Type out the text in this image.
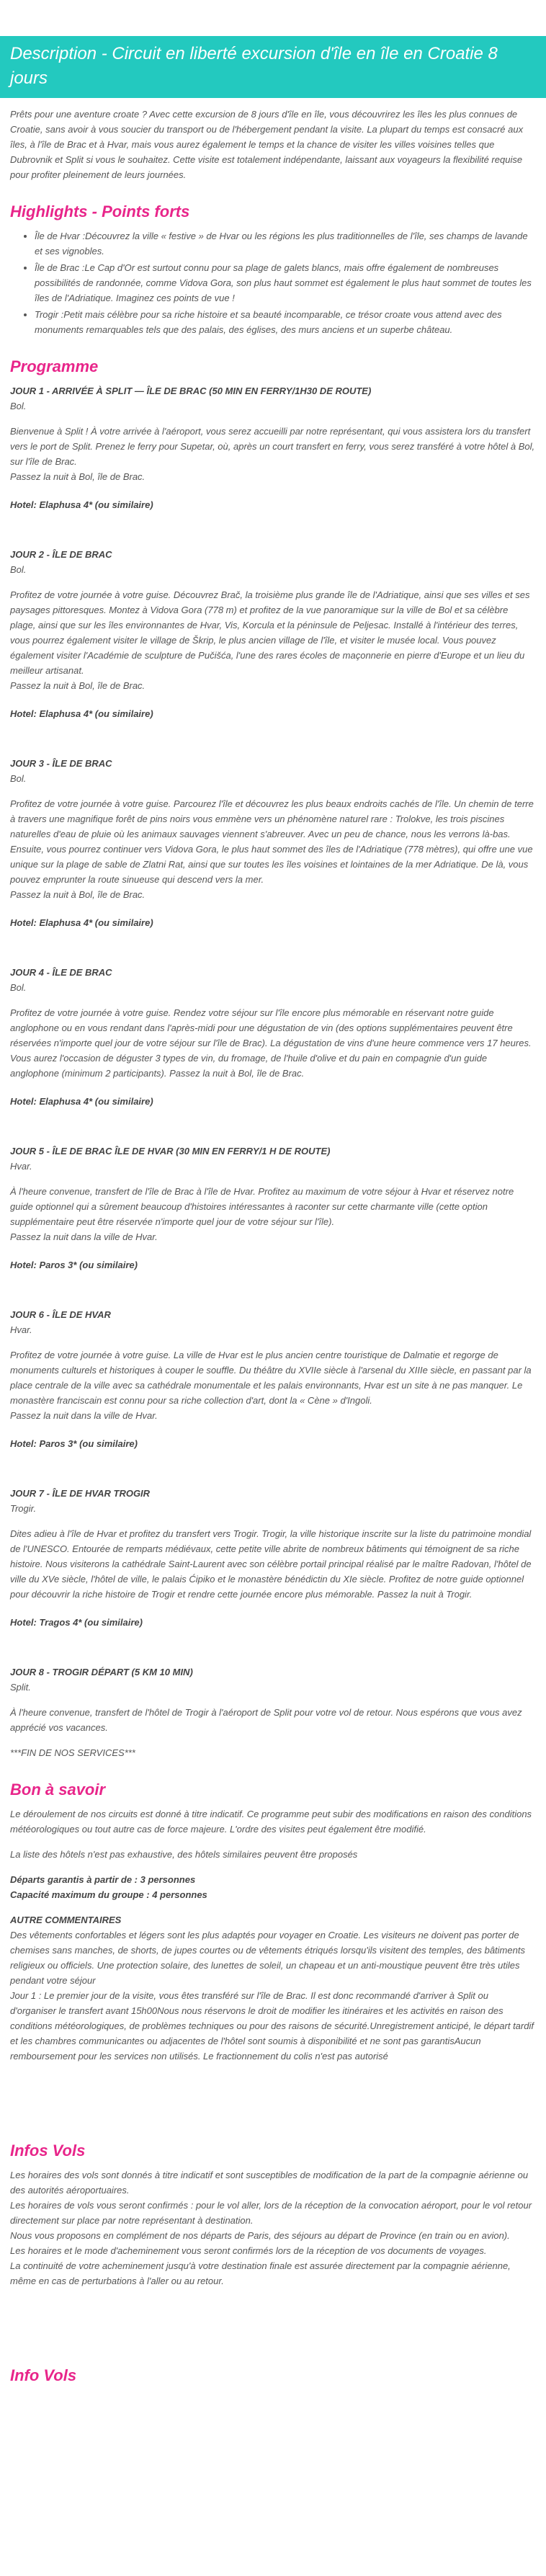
Description - Circuit en liberté excursion d'île en île en Croatie 8 jours

Prêts pour une aventure croate ? Avec cette excursion de 8 jours d'île en île, vous découvrirez les îles les plus connues de Croatie, sans avoir à vous soucier du transport ou de l'hébergement pendant la visite. La plupart du temps est consacré aux îles, à l'île de Brac et à Hvar, mais vous aurez également le temps et la chance de visiter les villes voisines telles que Dubrovnik et Split si vous le souhaitez. Cette visite est totalement indépendante, laissant aux voyageurs la flexibilité requise pour profiter pleinement de leurs journées.

Highlights - Points forts
• Île de Hvar :Découvrez la ville « festive » de Hvar ou les régions les plus traditionnelles de l'île, ses champs de lavande et ses vignobles.
• Île de Brac :Le Cap d'Or est surtout connu pour sa plage de galets blancs, mais offre également de nombreuses possibilités de randonnée, comme Vidova Gora, son plus haut sommet est également le plus haut sommet de toutes les îles de l'Adriatique. Imaginez ces points de vue !
• Trogir :Petit mais célèbre pour sa riche histoire et sa beauté incomparable, ce trésor croate vous attend avec des monuments remarquables tels que des palais, des églises, des murs anciens et un superbe château.
Programme
JOUR 1 - ARRIVÉE À SPLIT — ÎLE DE BRAC (50 MIN EN FERRY/1H30 DE ROUTE)
Bol.

Bienvenue à Split ! À votre arrivée à l'aéroport, vous serez accueilli par notre représentant, qui vous assistera lors du transfert vers le port de Split. Prenez le ferry pour Supetar, où, après un court transfert en ferry, vous serez transféré à votre hôtel à Bol, sur l'île de Brac.

Passez la nuit à Bol, île de Brac.
Hotel: Elaphusa 4* (ou similaire)
JOUR 2 - ÎLE DE BRAC
Bol.

Profitez de votre journée à votre guise. Découvrez Brač, la troisième plus grande île de l'Adriatique, ainsi que ses villes et ses paysages pittoresques. Montez à Vidova Gora (778 m) et profitez de la vue panoramique sur la ville de Bol et sa célèbre plage, ainsi que sur les îles environnantes de Hvar, Vis, Korcula et la péninsule de Peljesac. Installé à l'intérieur des terres, vous pourrez également visiter le village de Škrip, le plus ancien village de l'île, et visiter le musée local. Vous pouvez également visiter l'Académie de sculpture de Pučišća, l'une des rares écoles de maçonnerie en pierre d'Europe et un lieu du meilleur artisanat.

Passez la nuit à Bol, île de Brac.
Hotel: Elaphusa 4* (ou similaire)
JOUR 3 - ÎLE DE BRAC
Bol.

Profitez de votre journée à votre guise. Parcourez l'île et découvrez les plus beaux endroits cachés de l'île. Un chemin de terre à travers une magnifique forêt de pins noirs vous emmène vers un phénomène naturel rare : Trolokve, les trois piscines naturelles d'eau de pluie où les animaux sauvages viennent s'abreuver. Avec un peu de chance, nous les verrons là-bas. Ensuite, vous pourrez continuer vers Vidova Gora, le plus haut sommet des îles de l'Adriatique (778 mètres), qui offre une vue unique sur la plage de sable de Zlatni Rat, ainsi que sur toutes les îles voisines et lointaines de la mer Adriatique. De là, vous pouvez emprunter la route sinueuse qui descend vers la mer.

Passez la nuit à Bol, île de Brac.
Hotel: Elaphusa 4* (ou similaire)
JOUR 4 - ÎLE DE BRAC
Bol.

Profitez de votre journée à votre guise. Rendez votre séjour sur l'île encore plus mémorable en réservant notre guide anglophone ou en vous rendant dans l'après-midi pour une dégustation de vin (des options supplémentaires peuvent être réservées n'importe quel jour de votre séjour sur l'île de Brac). La dégustation de vins d'une heure commence vers 17 heures. Vous aurez l'occasion de déguster 3 types de vin, du fromage, de l'huile d'olive et du pain en compagnie d'un guide anglophone (minimum 2 participants). Passez la nuit à Bol, île de Brac.

Hotel: Elaphusa 4* (ou similaire)
JOUR 5 - ÎLE DE BRAC ÎLE DE HVAR (30 MIN EN FERRY/1 H DE ROUTE)
Hvar.

À l'heure convenue, transfert de l'île de Brac à l'île de Hvar. Profitez au maximum de votre séjour à Hvar et réservez notre guide optionnel qui a sûrement beaucoup d'histoires intéressantes à raconter sur cette charmante ville (cette option supplémentaire peut être réservée n'importe quel jour de votre séjour sur l'île).

Passez la nuit dans la ville de Hvar.
Hotel: Paros 3* (ou similaire)
JOUR 6 - ÎLE DE HVAR
Hvar.

Profitez de votre journée à votre guise. La ville de Hvar est le plus ancien centre touristique de Dalmatie et regorge de monuments culturels et historiques à couper le souffle. Du théâtre du XVIIe siècle à l'arsenal du XIIIe siècle, en passant par la place centrale de la ville avec sa cathédrale monumentale et les palais environnants, Hvar est un site à ne pas manquer. Le monastère franciscain est connu pour sa riche collection d'art, dont la « Cène » d'Ingoli.

Passez la nuit dans la ville de Hvar.
Hotel: Paros 3* (ou similaire)
JOUR 7 - ÎLE DE HVAR TROGIR
Trogir.

Dites adieu à l'île de Hvar et profitez du transfert vers Trogir. Trogir, la ville historique inscrite sur la liste du patrimoine mondial de l'UNESCO. Entourée de remparts médiévaux, cette petite ville abrite de nombreux bâtiments qui témoignent de sa riche histoire. Nous visiterons la cathédrale Saint-Laurent avec son célèbre portail principal réalisé par le maître Radovan, l'hôtel de ville du XVe siècle, l'hôtel de ville, le palais Ćipiko et le monastère bénédictin du XIe siècle. Profitez de notre guide optionnel pour découvrir la riche histoire de Trogir et rendre cette journée encore plus mémorable. Passez la nuit à Trogir.

Hotel: Tragos 4* (ou similaire)
JOUR 8 - TROGIR DÉPART (5 KM 10 MIN)
Split.

À l'heure convenue, transfert de l'hôtel de Trogir à l'aéroport de Split pour votre vol de retour. Nous espérons que vous avez apprécié vos vacances.

***FIN DE NOS SERVICES***

Bon à savoir

Le déroulement de nos circuits est donné à titre indicatif. Ce programme peut subir des modifications en raison des conditions météorologiques ou tout autre cas de force majeure. L'ordre des visites peut également être modifié.

La liste des hôtels n'est pas exhaustive, des hôtels similaires peuvent être proposés

Départs garantis à partir de : 3 personnes
Capacité maximum du groupe : 4 personnes
AUTRE COMMENTAIRES
Des vêtements confortables et légers sont les plus adaptés pour voyager en Croatie. Les visiteurs ne doivent pas porter de chemises sans manches, de shorts, de jupes courtes ou de vêtements étriqués lorsqu'ils visitent des temples, des bâtiments religieux ou officiels. Une protection solaire, des lunettes de soleil, un chapeau et un anti-moustique peuvent être très utiles pendant votre séjour
Jour 1 : Le premier jour de la visite, vous êtes transféré sur l'île de Brac. Il est donc recommandé d'arriver à Split ou d'organiser le transfert avant 15h00Nous nous réservons le droit de modifier les itinéraires et les activités en raison des conditions météorologiques, de problèmes techniques ou pour des raisons de sécurité.Unregistrement anticipé, le départ tardif et les chambres communicantes ou adjacentes de l'hôtel sont soumis à disponibilité et ne sont pas garantisAucun remboursement pour les services non utilisés. Le fractionnement du colis n'est pas autorisé
Infos Vols
Les horaires des vols sont donnés à titre indicatif et sont susceptibles de modification de la part de la compagnie aérienne ou des autorités aéroportuaires.
Les horaires de vols vous seront confirmés : pour le vol aller, lors de la réception de la convocation aéroport, pour le vol retour directement sur place par notre représentant à destination.
Nous vous proposons en complément de nos départs de Paris, des séjours au départ de Province (en train ou en avion).
Les horaires et le mode d'acheminement vous seront confirmés lors de la réception de vos documents de voyages.
La continuité de votre acheminement jusqu'à votre destination finale est assurée directement par la compagnie aérienne, même en cas de perturbations à l'aller ou au retour.
Info Vols
